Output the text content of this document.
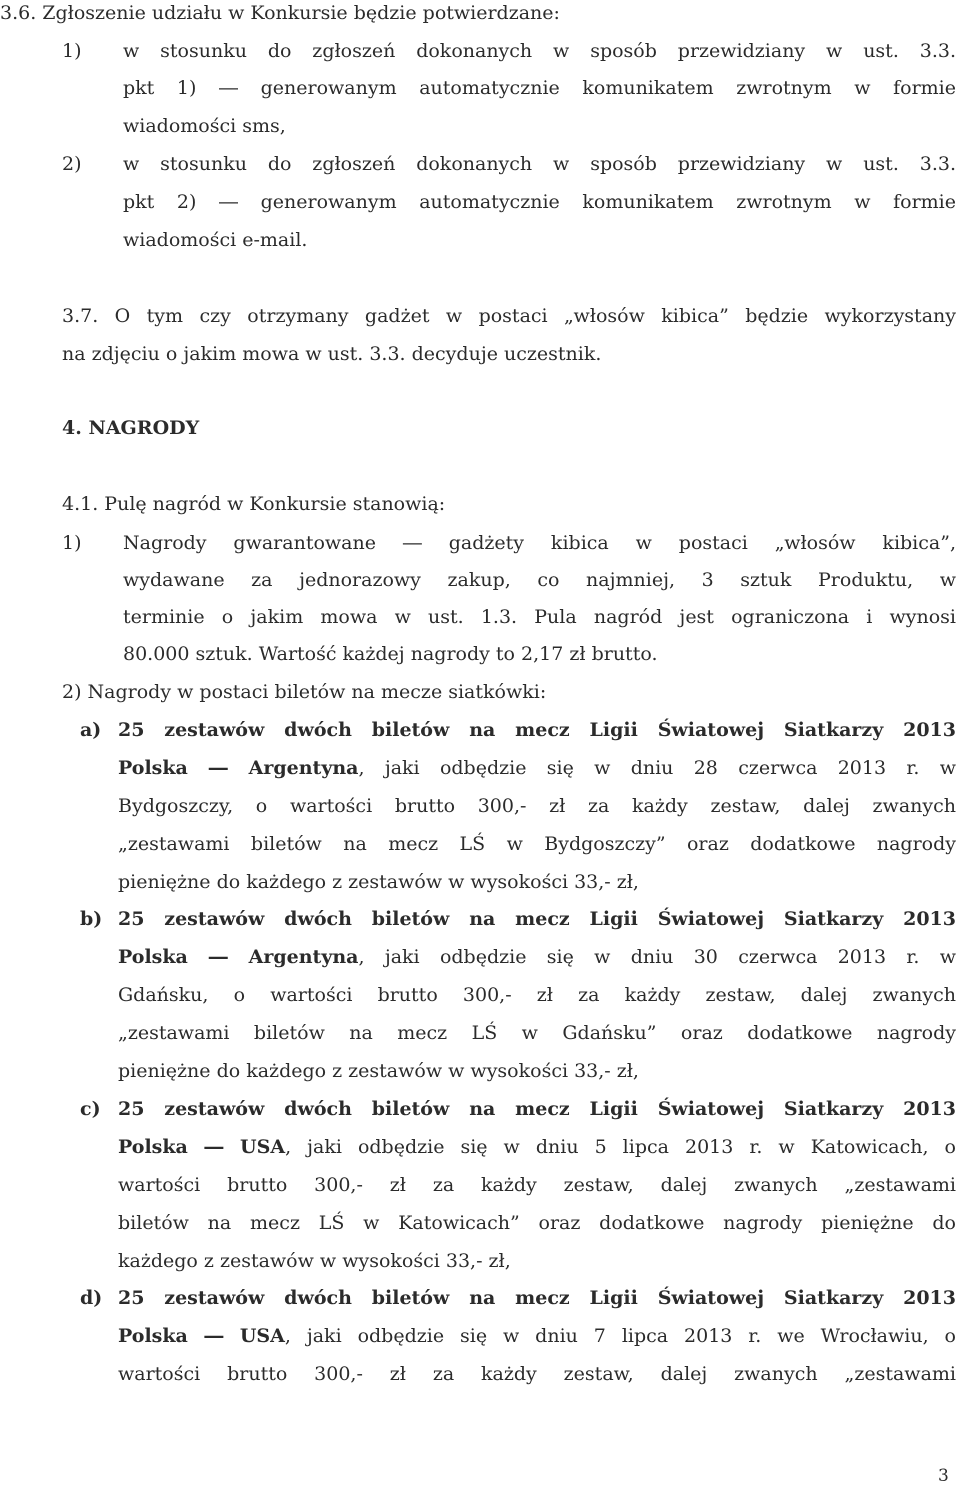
3.6. Zgłoszenie udziału w Konkursie będzie potwierdzane:
1) w stosunku do zgłoszeń dokonanych w sposób przewidziany w ust. 3.3.
pkt 1) ― generowanym automatycznie komunikatem zwrotnym w formie
wiadomości sms,
2) w stosunku do zgłoszeń dokonanych w sposób przewidziany w ust. 3.3.
pkt 2) ― generowanym automatycznie komunikatem zwrotnym w formie
wiadomości e-mail.
3.7. O tym czy otrzymany gadżet w postaci „włosów kibica” będzie wykorzystany
na zdjęciu o jakim mowa w ust. 3.3. decyduje uczestnik.
4. NAGRODY
4.1. Pulę nagród w Konkursie stanowią:
1) Nagrody gwarantowane ― gadżety kibica w postaci „włosów kibica”,
wydawane za jednorazowy zakup, co najmniej, 3 sztuk Produktu, w
terminie o jakim mowa w ust. 1.3. Pula nagród jest ograniczona i wynosi
80.000 sztuk. Wartość każdej nagrody to 2,17 zł brutto.
2) Nagrody w postaci biletów na mecze siatkówki:
a) 25 zestawów dwóch biletów na mecz Ligii Światowej Siatkarzy 2013
Polska ― Argentyna, jaki odbędzie się w dniu 28 czerwca 2013 r. w
Bydgoszczy, o wartości brutto 300,- zł za każdy zestaw, dalej zwanych
„zestawami biletów na mecz LŚ w Bydgoszczy” oraz dodatkowe nagrody
pieniężne do każdego z zestawów w wysokości 33,- zł,
b) 25 zestawów dwóch biletów na mecz Ligii Światowej Siatkarzy 2013
Polska ― Argentyna, jaki odbędzie się w dniu 30 czerwca 2013 r. w
Gdańsku, o wartości brutto 300,- zł za każdy zestaw, dalej zwanych
„zestawami biletów na mecz LŚ w Gdańsku” oraz dodatkowe nagrody
pieniężne do każdego z zestawów w wysokości 33,- zł,
c) 25 zestawów dwóch biletów na mecz Ligii Światowej Siatkarzy 2013
Polska ― USA, jaki odbędzie się w dniu 5 lipca 2013 r. w Katowicach, o
wartości brutto 300,- zł za każdy zestaw, dalej zwanych „zestawami
biletów na mecz LŚ w Katowicach” oraz dodatkowe nagrody pieniężne do
każdego z zestawów w wysokości 33,- zł,
d) 25 zestawów dwóch biletów na mecz Ligii Światowej Siatkarzy 2013
Polska ― USA, jaki odbędzie się w dniu 7 lipca 2013 r. we Wrocławiu, o
wartości brutto 300,- zł za każdy zestaw, dalej zwanych „zestawami
3
